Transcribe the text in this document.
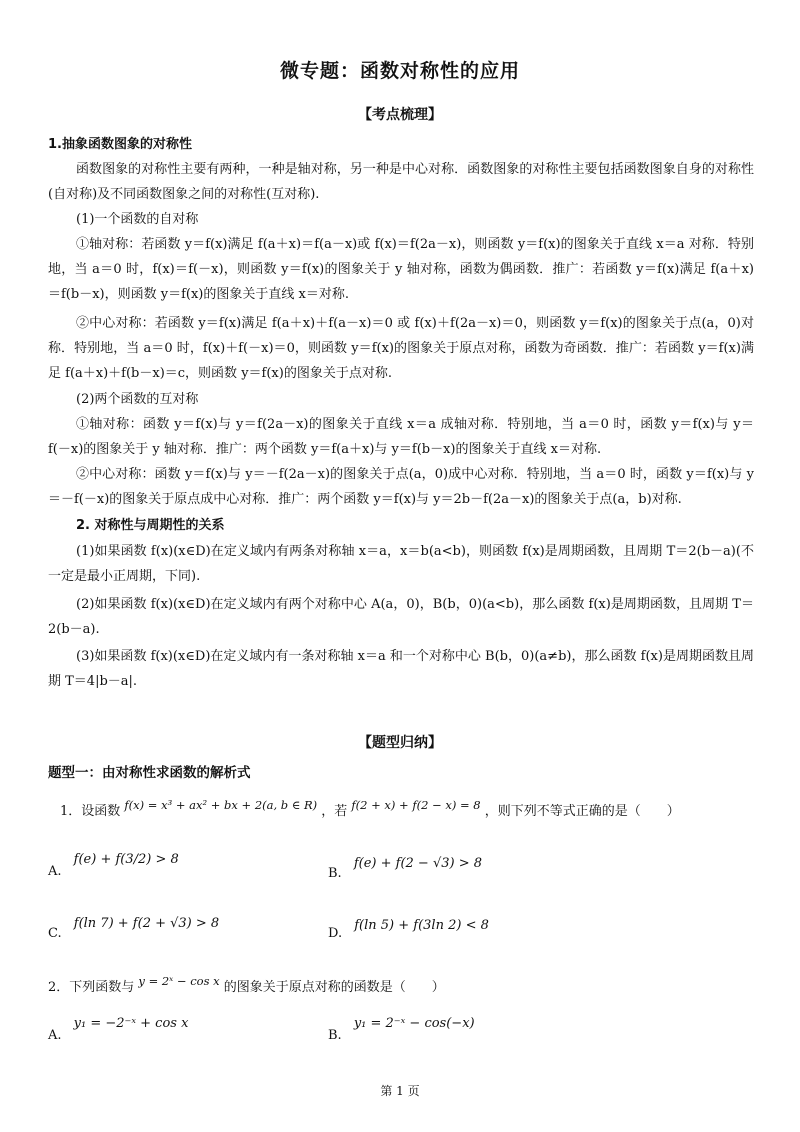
微专题：函数对称性的应用
【考点梳理】

1.抽象函数图象的对称性

函数图象的对称性主要有两种，一种是轴对称，另一种是中心对称．函数图象的对称性主要包括函数图象自身的对称性(自对称)及不同函数图象之间的对称性(互对称).

(1)一个函数的自对称

①轴对称：若函数 y＝f(x)满足 f(a＋x)＝f(a－x)或 f(x)＝f(2a－x)，则函数 y＝f(x)的图象关于直线 x＝a 对称．特别地，当 a＝0 时，f(x)＝f(－x)，则函数 y＝f(x)的图象关于 y 轴对称，函数为偶函数．推广：若函数 y＝f(x)满足 f(a＋x)＝f(b－x)，则函数 y＝f(x)的图象关于直线 x＝对称.

②中心对称：若函数 y＝f(x)满足 f(a＋x)＋f(a－x)＝0 或 f(x)＋f(2a－x)＝0，则函数 y＝f(x)的图象关于点(a，0)对称．特别地，当 a＝0 时，f(x)＋f(－x)＝0，则函数 y＝f(x)的图象关于原点对称，函数为奇函数．推广：若函数 y＝f(x)满足 f(a＋x)＋f(b－x)＝c，则函数 y＝f(x)的图象关于点对称.

(2)两个函数的互对称

①轴对称：函数 y＝f(x)与 y＝f(2a－x)的图象关于直线 x＝a 成轴对称．特别地，当 a＝0 时，函数 y＝f(x)与 y＝f(－x)的图象关于 y 轴对称．推广：两个函数 y＝f(a＋x)与 y＝f(b－x)的图象关于直线 x＝对称.

②中心对称：函数 y＝f(x)与 y＝－f(2a－x)的图象关于点(a，0)成中心对称．特别地，当 a＝0 时，函数 y＝f(x)与 y＝－f(－x)的图象关于原点成中心对称．推广：两个函数 y＝f(x)与 y＝2b－f(2a－x)的图象关于点(a，b)对称.

2. 对称性与周期性的关系

(1)如果函数 f(x)(x∈D)在定义域内有两条对称轴 x＝a，x＝b(a<b)，则函数 f(x)是周期函数，且周期 T＝2(b－a)(不一定是最小正周期，下同).

(2)如果函数 f(x)(x∈D)在定义域内有两个对称中心 A(a，0)，B(b，0)(a<b)，那么函数 f(x)是周期函数，且周期 T＝2(b－a).

(3)如果函数 f(x)(x∈D)在定义域内有一条对称轴 x＝a 和一个对称中心 B(b，0)(a≠b)，那么函数 f(x)是周期函数且周期 T＝4|b－a|.

【题型归纳】
题型一：由对称性求函数的解析式
1．设函数 f(x) = x³ + ax² + bx + 2(a, b ∈ R) ，若 f(2 + x) + f(2 − x) = 8 ，则下列不等式正确的是（　　）
A. f(e) + f(3/2) > 8
B. f(e) + f(2 − √3) > 8
C. f(ln 7) + f(2 + √3) > 8
D. f(ln 5) + f(3ln 2) < 8
2．下列函数与 y = 2ˣ − cos x 的图象关于原点对称的函数是（　　）
A. y₁ = −2⁻ˣ + cos x
B. y₁ = 2⁻ˣ − cos(−x)
第 1 页
